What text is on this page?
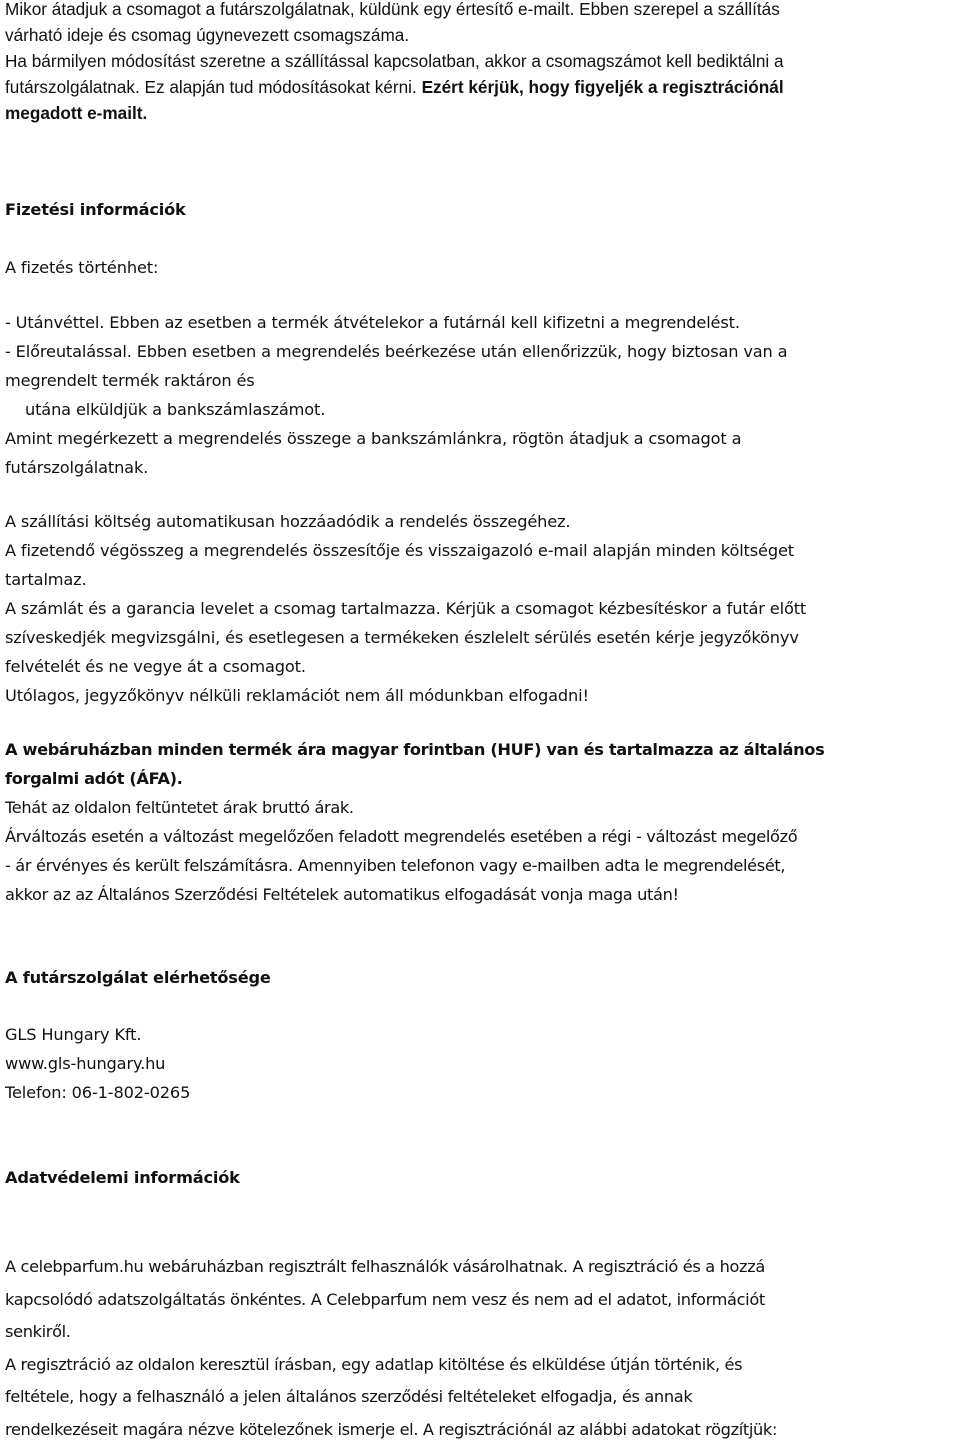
Mikor átadjuk a csomagot a futárszolgálatnak, küldünk egy értesítő e-mailt. Ebben szerepel a szállítás
várható ideje és csomag úgynevezett csomagszáma.
Ha bármilyen módosítást szeretne a szállítással kapcsolatban, akkor a csomagszámot kell bediktálni a
futárszolgálatnak. Ez alapján tud módosításokat kérni. Ezért kérjük, hogy figyeljék a regisztrációnál
megadott e-mailt.
Fizetési információk
A fizetés történhet:
- Utánvéttel. Ebben az esetben a termék átvételekor a futárnál kell kifizetni a megrendelést.
- Előreutalással. Ebben esetben a megrendelés beérkezése után ellenőrizzük, hogy biztosan van a
megrendelt termék raktáron és
utána elküldjük a bankszámlaszámot.
Amint megérkezett a megrendelés összege a bankszámlánkra, rögtön átadjuk a csomagot a
futárszolgálatnak.
A szállítási költség automatikusan hozzáadódik a rendelés összegéhez.
A fizetendő végösszeg a megrendelés összesítője és visszaigazoló e-mail alapján minden költséget
tartalmaz.
A számlát és a garancia levelet a csomag tartalmazza. Kérjük a csomagot kézbesítéskor a futár előtt
szíveskedjék megvizsgálni, és esetlegesen a termékeken észlelelt sérülés esetén kérje jegyzőkönyv
felvételét és ne vegye át a csomagot.
Utólagos, jegyzőkönyv nélküli reklamációt nem áll módunkban elfogadni!
A webáruházban minden termék ára magyar forintban (HUF) van és tartalmazza az általános
forgalmi adót (ÁFA).
Tehát az oldalon feltüntetet árak bruttó árak.
Árváltozás esetén a változást megelőzően feladott megrendelés esetében a régi - változást megelőző
- ár érvényes és került felszámításra. Amennyiben telefonon vagy e-mailben adta le megrendelését,
akkor az az Általános Szerződési Feltételek automatikus elfogadását vonja maga után!
A futárszolgálat elérhetősége
GLS Hungary Kft.
www.gls-hungary.hu
Telefon: 06-1-802-0265
Adatvédelemi információk
A celebparfum.hu webáruházban regisztrált felhasználók vásárolhatnak. A regisztráció és a hozzá
kapcsolódó adatszolgáltatás önkéntes. A Celebparfum nem vesz és nem ad el adatot, információt
senkiről.
A regisztráció az oldalon keresztül írásban, egy adatlap kitöltése és elküldése útján történik, és
feltétele, hogy a felhasználó a jelen általános szerződési feltételeket elfogadja, és annak
rendelkezéseit magára nézve kötelezőnek ismerje el. A regisztrációnál az alábbi adatokat rögzítjük:
